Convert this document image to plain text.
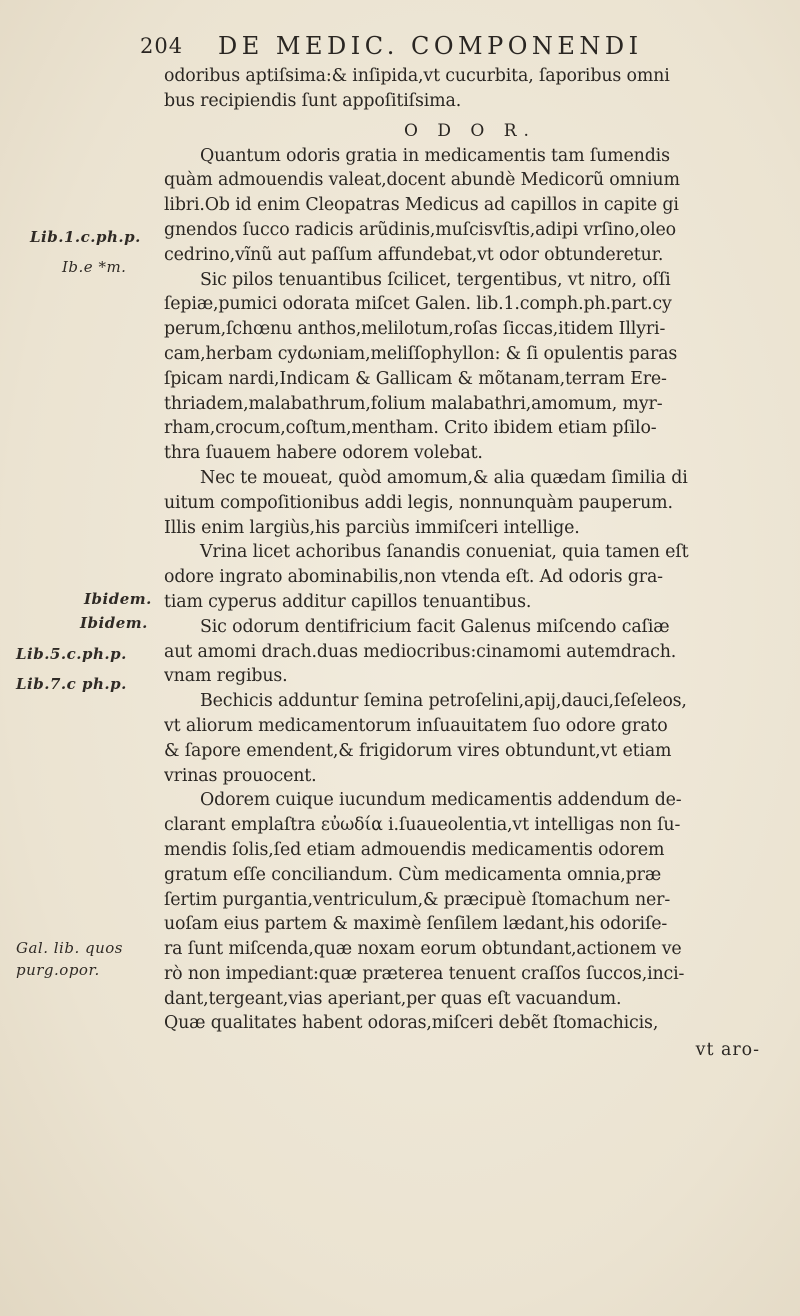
204 DE MEDIC. COMPONENDI
Lib.1.c.ph.p.
Ib.e *m.
Ibidem.
Ibidem.
Lib.5.c.ph.p.
Lib.7.c ph.p.
Gal. lib. quos
purg.opor.

odoribus aptiſsima:& inſipida,vt cucurbita, ſaporibus omni
bus recipiendis ſunt appoſitiſsima.

O D O R.

Quantum odoris gratia in medicamentis tam ſumendis
quàm admouendis valeat,docent abundè Medicorũ omnium
libri.Ob id enim Cleopatras Medicus ad capillos in capite gi
gnendos ſucco radicis arũdinis,muſcisvſtis,adipi vrſino,oleo
cedrino,vĩnũ aut paſſum affundebat,vt odor obtunderetur.
Sic pilos tenuantibus ſcilicet, tergentibus, vt nitro, oſſi
ſepiæ,pumici odorata miſcet Galen. lib.1.comph.ph.part.cy
perum,ſchœnu anthos,melilotum,roſas ſiccas,itidem Illyri-
cam,herbam cydωniam,meliſſophyllon: & ſi opulentis paras
ſpicam nardi,Indicam & Gallicam & mõtanam,terram Ere-
thriadem,malabathrum,folium malabathri,amomum, myr-
rham,crocum,coſtum,mentham. Crito ibidem etiam pſilo-
thra ſuauem habere odorem volebat.

Nec te moueat, quòd amomum,& alia quædam ſimilia di
uitum compoſitionibus addi legis, nonnunquàm pauperum.
Illis enim largiùs,his parciùs immiſceri intellige.

Vrina licet achoribus ſanandis conueniat, quia tamen eſt
odore ingrato abominabilis,non vtenda eſt. Ad odoris gra-
tiam cyperus additur capillos tenuantibus.

Sic odorum dentifricium facit Galenus miſcendo caſiæ
aut amomi drach.duas mediocribus:cinamomi autemdrach.
vnam regibus.

Bechicis adduntur ſemina petroſelini,apij,dauci,ſeſeleos,
vt aliorum medicamentorum inſuauitatem ſuo odore grato
& ſapore emendent,& frigidorum vires obtundunt,vt etiam
vrinas prouocent.

Odorem cuique iucundum medicamentis addendum de-
clarant emplaſtra εὐωδία i.ſuaueolentia,vt intelligas non ſu-
mendis ſolis,ſed etiam admouendis medicamentis odorem
gratum eſſe conciliandum. Cùm medicamenta omnia,præ
ſertim purgantia,ventriculum,& præcipuè ſtomachum ner-
uoſam eius partem & maximè ſenſilem lædant,his odoriſe-
ra ſunt miſcenda,quæ noxam eorum obtundant,actionem ve
rò non impediant:quæ præterea tenuent craſſos ſuccos,inci-
dant,tergeant,vias aperiant,per quas eſt vacuandum.

Quæ qualitates habent odoras,miſceri debẽt ſtomachicis,

vt aro-
